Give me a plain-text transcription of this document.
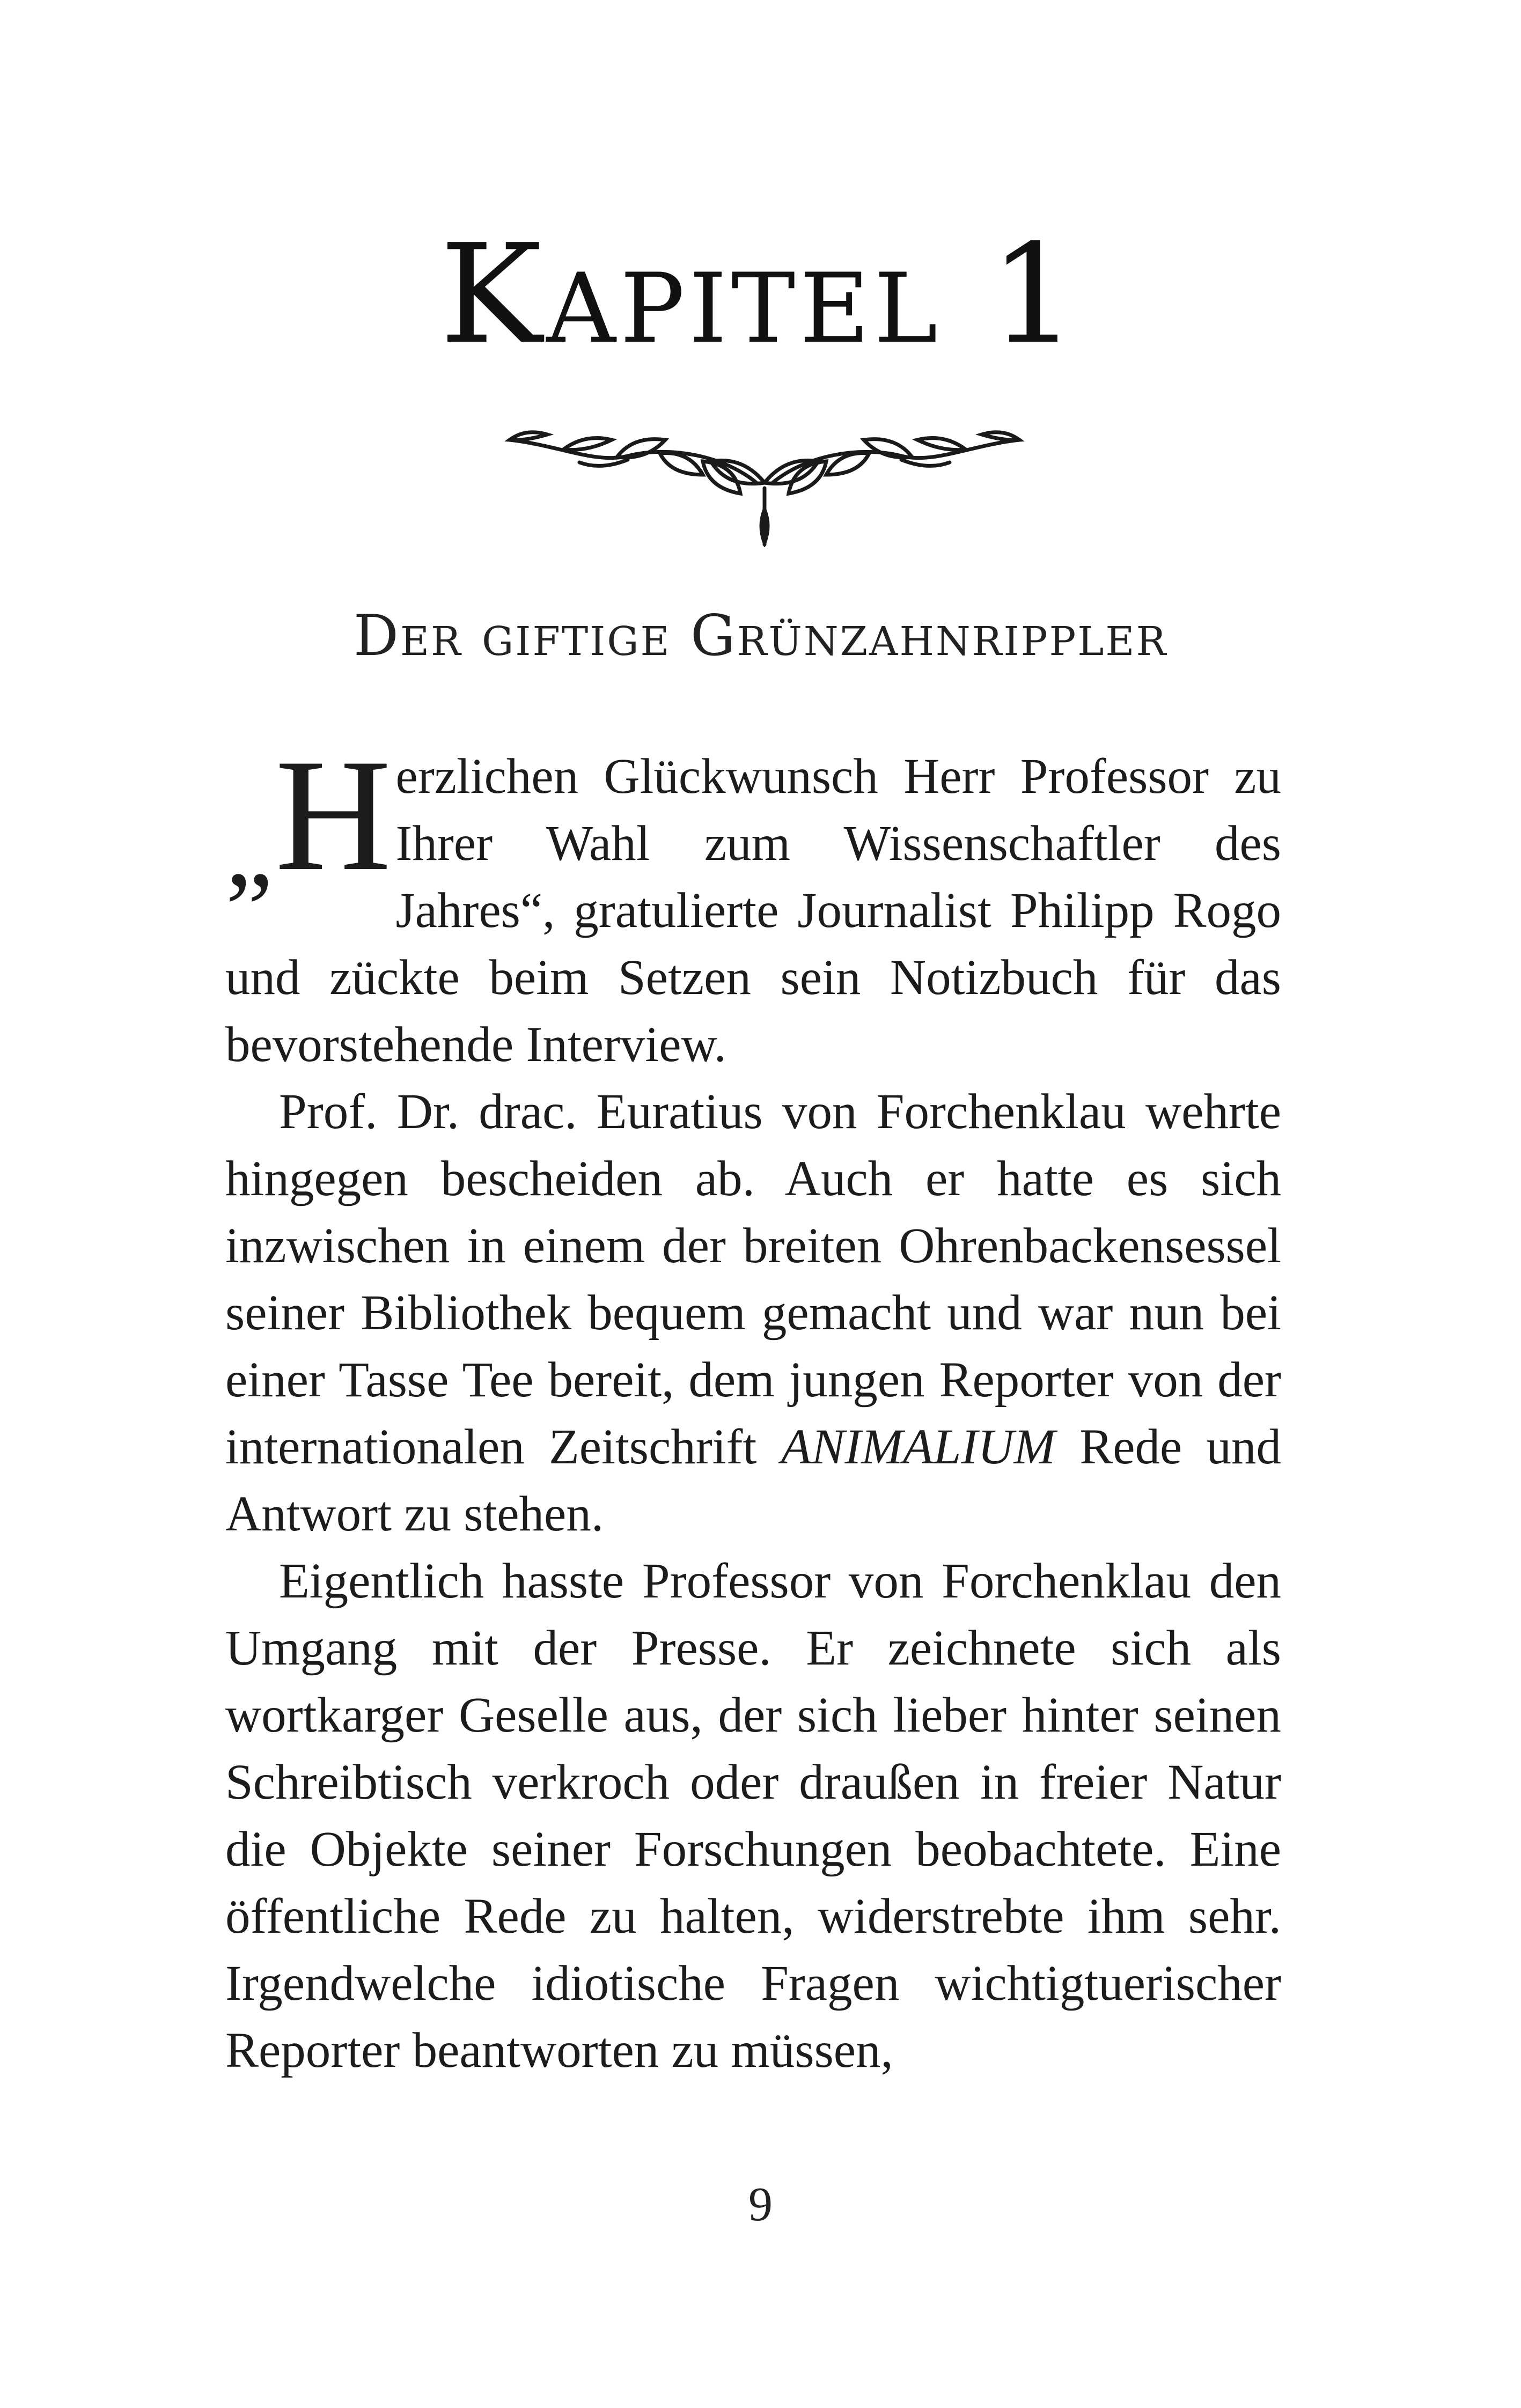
Kapitel 1
Der giftige Grünzahnrippler

„H erzlichen Glückwunsch Herr Professor zu Ihrer Wahl zum Wissenschaftler des Jahres“, gratulierte Journalist Philipp Rogo und zückte beim Setzen sein Notizbuch für das bevorstehende Interview.

Prof. Dr. drac. Euratius von Forchenklau wehrte hingegen bescheiden ab. Auch er hatte es sich inzwischen in einem der breiten Ohrenbackensessel seiner Bibliothek bequem gemacht und war nun bei einer Tasse Tee bereit, dem jungen Reporter von der internationalen Zeitschrift ANIMALIUM Rede und Antwort zu stehen.

Eigentlich hasste Professor von Forchenklau den Umgang mit der Presse. Er zeichnete sich als wortkarger Geselle aus, der sich lieber hinter seinen Schreibtisch verkroch oder draußen in freier Natur die Objekte seiner Forschungen beobachtete. Eine öffentliche Rede zu halten, widerstrebte ihm sehr. Irgendwelche idiotische Fragen wichtigtuerischer Reporter beantworten zu müssen,

9
